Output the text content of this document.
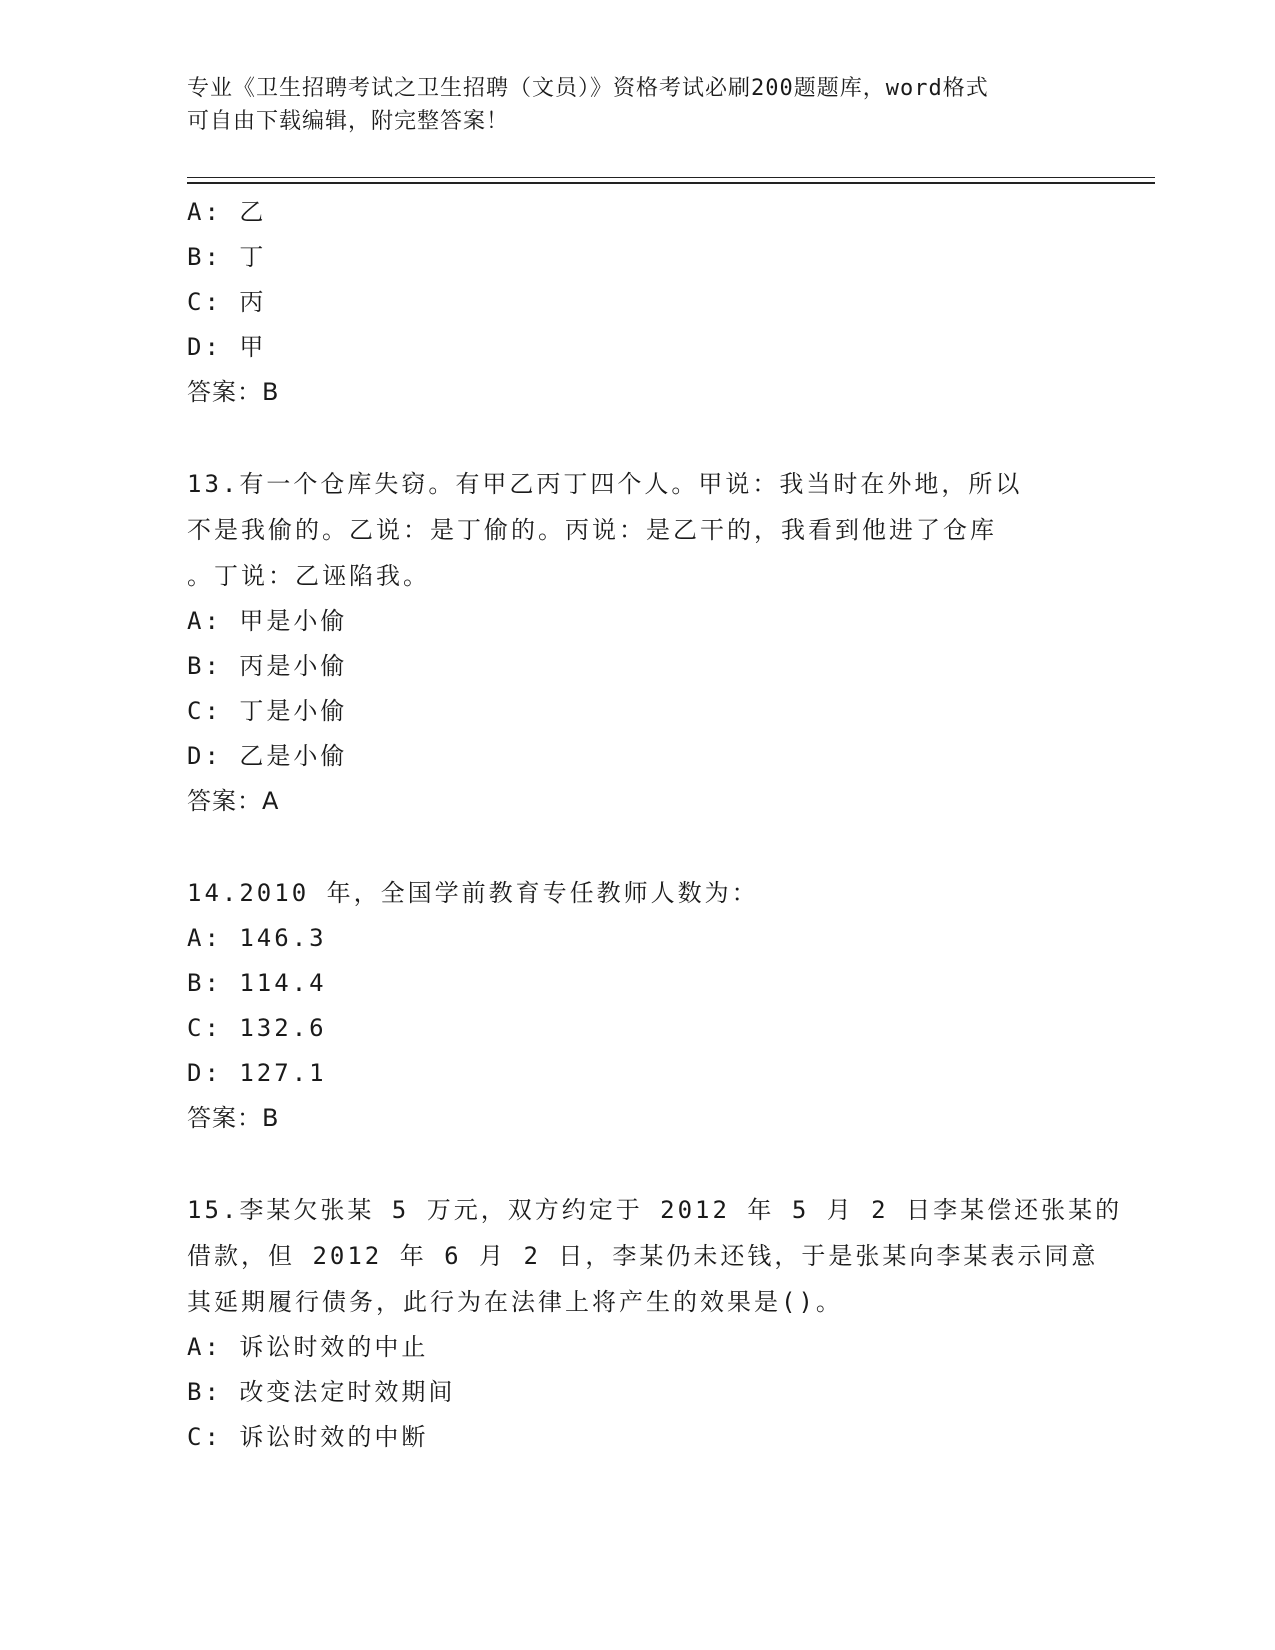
专业《卫生招聘考试之卫生招聘（文员）》资格考试必刷200题题库，word格式
可自由下载编辑，附完整答案！
A: 乙
B: 丁
C: 丙
D: 甲
答案：B
13.有一个仓库失窃。有甲乙丙丁四个人。甲说：我当时在外地，所以
不是我偷的。乙说：是丁偷的。丙说：是乙干的，我看到他进了仓库
。丁说：乙诬陷我。
A: 甲是小偷
B: 丙是小偷
C: 丁是小偷
D: 乙是小偷
答案：A
14.2010 年，全国学前教育专任教师人数为：
A: 146.3
B: 114.4
C: 132.6
D: 127.1
答案：B
15.李某欠张某 5 万元，双方约定于 2012 年 5 月 2 日李某偿还张某的
借款，但 2012 年 6 月 2 日，李某仍未还钱，于是张某向李某表示同意
其延期履行债务，此行为在法律上将产生的效果是()。
A: 诉讼时效的中止
B: 改变法定时效期间
C: 诉讼时效的中断
